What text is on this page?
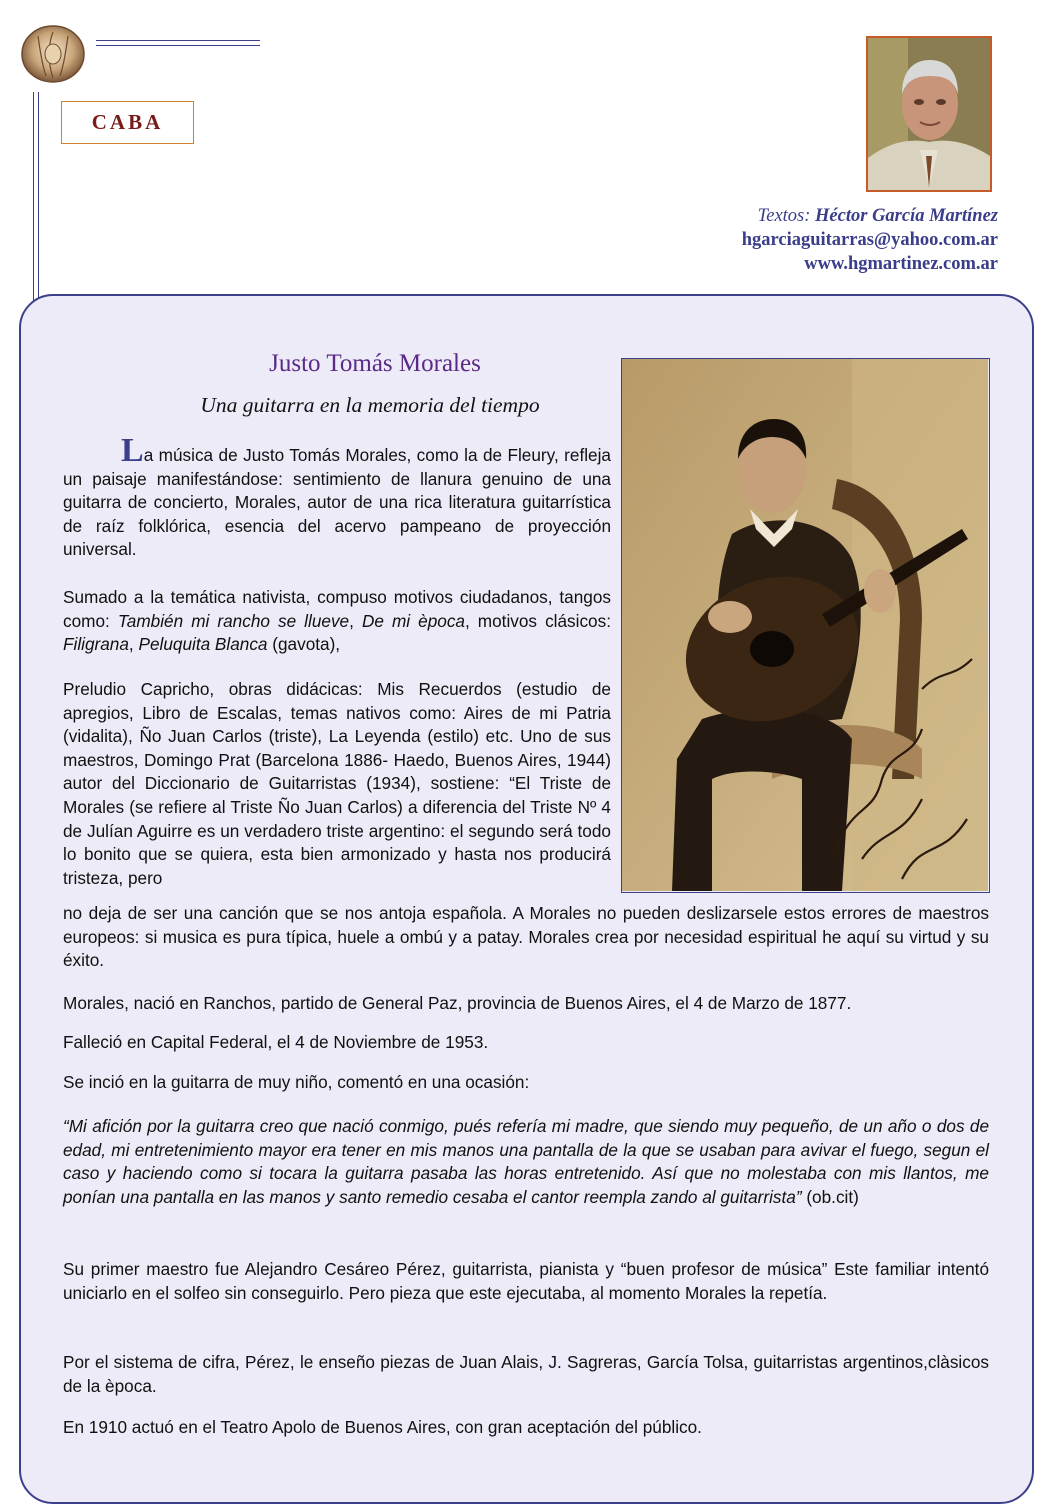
CABA
Textos: Héctor García Martínez
hgarciaguitarras@yahoo.com.ar
www.hgmartinez.com.ar
Justo Tomás Morales
Una guitarra en la memoria del tiempo

La música de Justo Tomás Morales, como la de Fleury, refleja un paisaje manifestándose: sentimiento de llanura genuino de una guitarra de concierto, Morales, autor de una rica literatura guitarrística de raíz folklórica, esencia del acervo pampeano de proyección universal.

Sumado a la temática nativista, compuso motivos ciudadanos, tangos como: También mi rancho se llueve, De mi època, motivos clásicos: Filigrana, Peluquita Blanca (gavota),

Preludio Capricho, obras didácicas: Mis Recuerdos (estudio de apregios, Libro de Escalas, temas nativos como: Aires de mi Patria (vidalita), Ño Juan Carlos (triste), La Leyenda (estilo) etc. Uno de sus maestros, Domingo Prat (Barcelona 1886- Haedo, Buenos Aires, 1944) autor del Diccionario de Guitarristas (1934), sostiene: “El Triste de Morales (se refiere al Triste Ño Juan Carlos) a diferencia del Triste Nº 4 de Julían Aguirre es un verdadero triste argentino: el segundo será todo lo bonito que se quiera, esta bien armonizado y hasta nos producirá tristeza, pero

no deja de ser una canción que se nos antoja española. A Morales no pueden deslizarsele estos errores de maestros europeos: si musica es pura típica, huele a ombú y a patay. Morales crea por necesidad espiritual he aquí su virtud y su éxito.

Morales, nació en Ranchos, partido de General Paz, provincia de Buenos Aires, el 4 de Marzo de 1877.

Falleció en Capital Federal, el 4 de Noviembre de 1953.

Se inció en la guitarra de muy niño, comentó en una ocasión:

“Mi afición por la guitarra creo que nació conmigo, pués refería mi madre, que siendo muy pequeño, de un año o dos de edad, mi entretenimiento mayor era tener en mis manos una pantalla de la que se usaban para avivar el fuego, segun el caso y haciendo como si tocara la guitarra pasaba las horas entretenido. Así que no molestaba con mis llantos, me ponían una pantalla en las manos y santo remedio cesaba el cantor reempla zando al guitarrista” (ob.cit)

Su primer maestro fue Alejandro Cesáreo Pérez, guitarrista, pianista y “buen profesor de música” Este familiar intentó uniciarlo en el solfeo sin conseguirlo. Pero pieza que este ejecutaba, al momento Morales la repetía.

Por el sistema de cifra, Pérez, le enseño piezas de Juan Alais, J. Sagreras, García Tolsa, guitarristas argentinos,clàsicos de la època.

En 1910 actuó en el Teatro Apolo de Buenos Aires, con gran aceptación del público.
